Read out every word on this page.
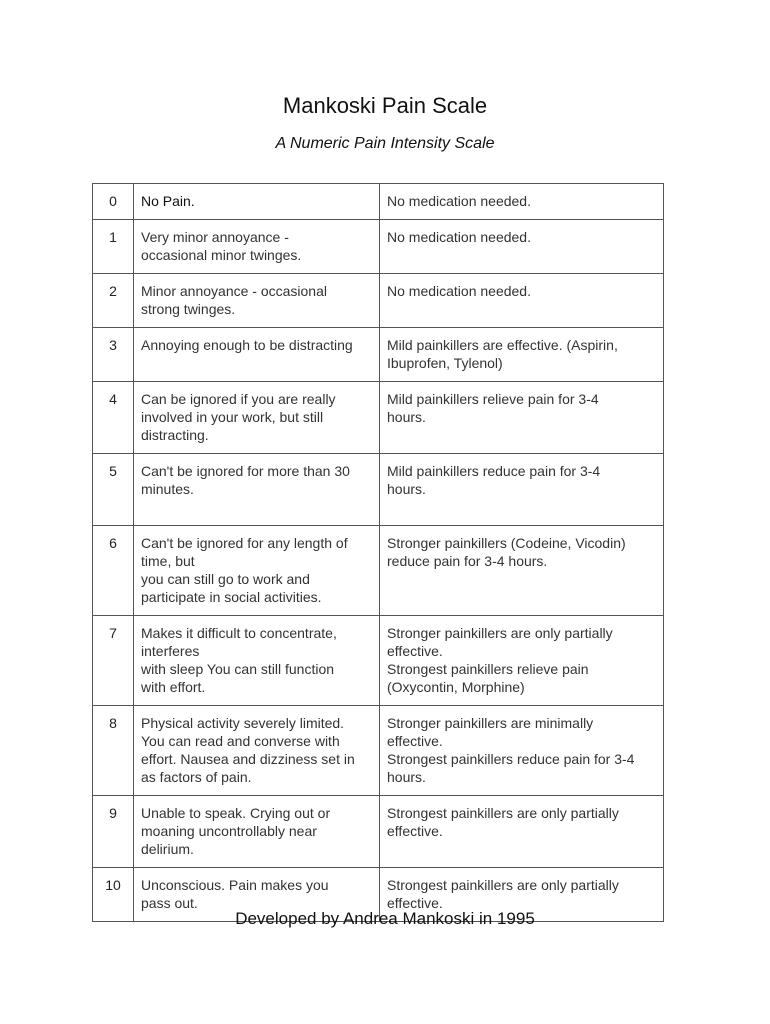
Mankoski Pain Scale
A Numeric Pain Intensity Scale
0	No Pain.	No medication needed.

1	Very minor annoyance -
occasional minor twinges.	No medication needed.

2	Minor annoyance - occasional
strong twinges.	No medication needed.

3	Annoying enough to be distracting	Mild painkillers are effective. (Aspirin,
Ibuprofen, Tylenol)

4	Can be ignored if you are really
involved in your work, but still
distracting.	Mild painkillers relieve pain for 3-4
hours.

5	Can't be ignored for more than 30
minutes.	Mild painkillers reduce pain for 3-4
hours.

6	Can't be ignored for any length of
time, but
you can still go to work and
participate in social activities.	Stronger painkillers (Codeine, Vicodin)
reduce pain for 3-4 hours.

7	Makes it difficult to concentrate,
interferes
with sleep You can still function
with effort.	Stronger painkillers are only partially
effective.
Strongest painkillers relieve pain
(Oxycontin, Morphine)

8	Physical activity severely limited.
You can read and converse with
effort. Nausea and dizziness set in
as factors of pain.	Stronger painkillers are minimally
effective.
Strongest painkillers reduce pain for 3-4
hours.

9	Unable to speak. Crying out or
moaning uncontrollably near
delirium.	Strongest painkillers are only partially
effective.

10	Unconscious. Pain makes you
pass out.	Strongest painkillers are only partially
effective.
Developed by Andrea Mankoski in 1995
